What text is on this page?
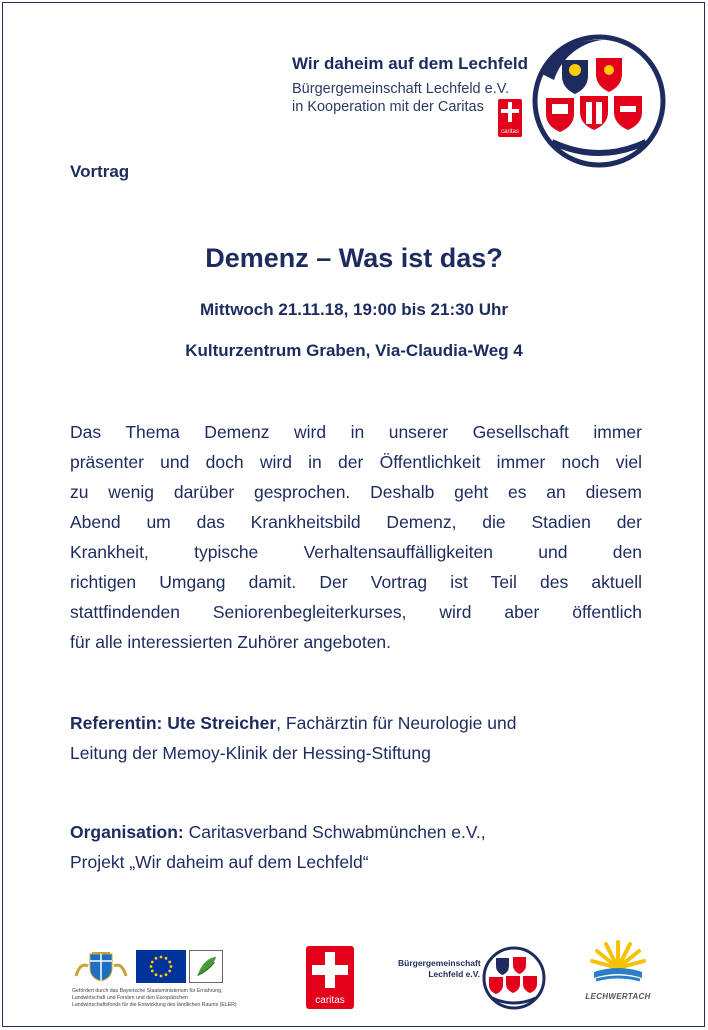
Wir daheim auf dem Lechfeld
Bürgergemeinschaft Lechfeld e.V.
in Kooperation mit der Caritas
caritas
Vortrag
Demenz – Was ist das?
Mittwoch 21.11.18, 19:00 bis 21:30 Uhr
Kulturzentrum Graben, Via-Claudia-Weg 4
Das Thema Demenz wird in unserer Gesellschaft immer
präsenter und doch wird in der Öffentlichkeit immer noch viel
zu wenig darüber gesprochen. Deshalb geht es an diesem
Abend um das Krankheitsbild Demenz, die Stadien der
Krankheit, typische Verhaltensauffälligkeiten und den
richtigen Umgang damit. Der Vortrag ist Teil des aktuell
stattfindenden Seniorenbegleiterkurses, wird aber öffentlich
für alle interessierten Zuhörer angeboten.
Referentin: Ute Streicher, Fachärztin für Neurologie und
Leitung der Memoy-Klinik der Hessing-Stiftung
Organisation: Caritasverband Schwabmünchen e.V.,
Projekt „Wir daheim auf dem Lechfeld“
Gefördert durch das Bayerische Staatsministerium für Ernährung,
Landwirtschaft und Forsten und den Europäischen
Landwirtschaftsfonds für die Entwicklung des ländlichen Raums (ELER)	caritas
Bürgergemeinschaft
Lechfeld e.V.
LECHWERTACH
